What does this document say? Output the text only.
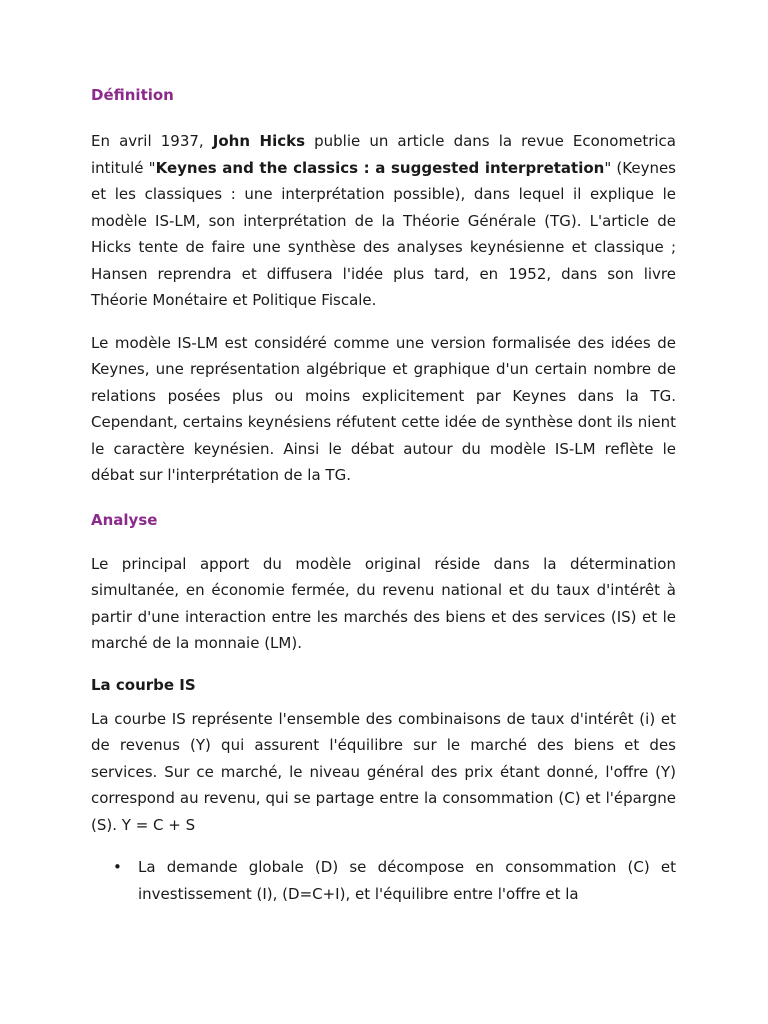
Définition

En avril 1937, John Hicks publie un article dans la revue Econometrica intitulé "Keynes and the classics : a suggested interpretation" (Keynes et les classiques : une interprétation possible), dans lequel il explique le modèle IS-LM, son interprétation de la Théorie Générale (TG). L'article de Hicks tente de faire une synthèse des analyses keynésienne et classique ; Hansen reprendra et diffusera l'idée plus tard, en 1952, dans son livre Théorie Monétaire et Politique Fiscale.

Le modèle IS-LM est considéré comme une version formalisée des idées de Keynes, une représentation algébrique et graphique d'un certain nombre de relations posées plus ou moins explicitement par Keynes dans la TG. Cependant, certains keynésiens réfutent cette idée de synthèse dont ils nient le caractère keynésien. Ainsi le débat autour du modèle IS-LM reflète le débat sur l'interprétation de la TG.

Analyse

Le principal apport du modèle original réside dans la détermination simultanée, en économie fermée, du revenu national et du taux d'intérêt à partir d'une interaction entre les marchés des biens et des services (IS) et le marché de la monnaie (LM).

La courbe IS

La courbe IS représente l'ensemble des combinaisons de taux d'intérêt (i) et de revenus (Y) qui assurent l'équilibre sur le marché des biens et des services. Sur ce marché, le niveau général des prix étant donné, l'offre (Y) correspond au revenu, qui se partage entre la consommation (C) et l'épargne (S). Y = C + S

• La demande globale (D) se décompose en consommation (C) et investissement (I), (D=C+I), et l'équilibre entre l'offre et la
